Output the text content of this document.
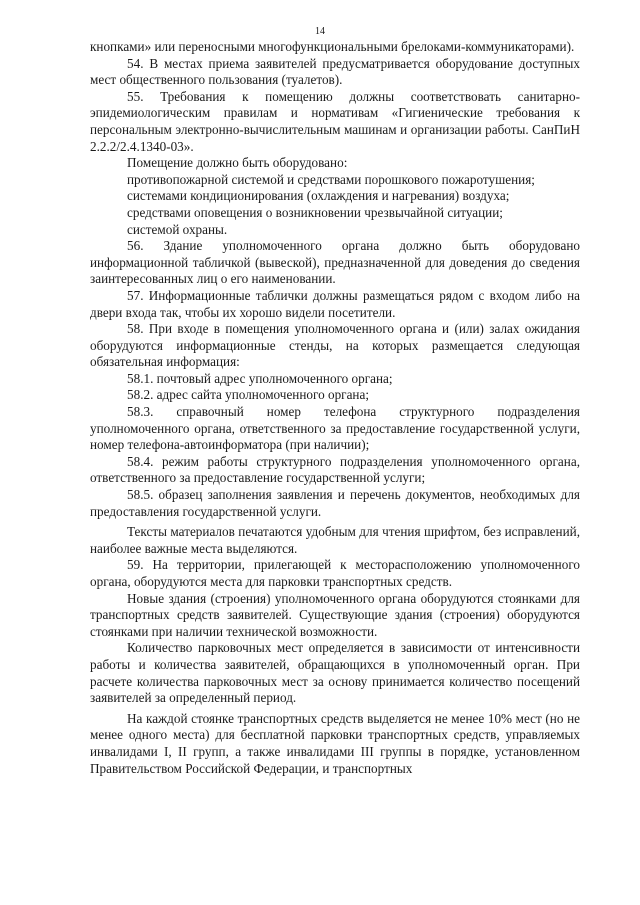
14

кнопками» или переносными многофункциональными брелоками-коммуникаторами).

54. В местах приема заявителей предусматривается оборудование доступных мест общественного пользования (туалетов).

55. Требования к помещению должны соответствовать санитарно-эпидемиологическим правилам и нормативам «Гигиенические требования к персональным электронно-вычислительным машинам и организации работы. СанПиН 2.2.2/2.4.1340-03».

Помещение должно быть оборудовано:

противопожарной системой и средствами порошкового пожаротушения;

системами кондиционирования (охлаждения и нагревания) воздуха;

средствами оповещения о возникновении чрезвычайной ситуации;

системой охраны.

56. Здание уполномоченного органа должно быть оборудовано информационной табличкой (вывеской), предназначенной для доведения до сведения заинтересованных лиц о его наименовании.

57. Информационные таблички должны размещаться рядом с входом либо на двери входа так, чтобы их хорошо видели посетители.

58. При входе в помещения уполномоченного органа и (или) залах ожидания оборудуются информационные стенды, на которых размещается следующая обязательная информация:

58.1. почтовый адрес уполномоченного органа;

58.2. адрес сайта уполномоченного органа;

58.3. справочный номер телефона структурного подразделения уполномоченного органа, ответственного за предоставление государственной услуги, номер телефона-автоинформатора (при наличии);

58.4. режим работы структурного подразделения уполномоченного органа, ответственного за предоставление государственной услуги;

58.5. образец заполнения заявления и перечень документов, необходимых для предоставления государственной услуги.

Тексты материалов печатаются удобным для чтения шрифтом, без исправлений, наиболее важные места выделяются.

59. На территории, прилегающей к месторасположению уполномоченного органа, оборудуются места для парковки транспортных средств.

Новые здания (строения) уполномоченного органа оборудуются стоянками для транспортных средств заявителей. Существующие здания (строения) оборудуются стоянками при наличии технической возможности.

Количество парковочных мест определяется в зависимости от интенсивности работы и количества заявителей, обращающихся в уполномоченный орган. При расчете количества парковочных мест за основу принимается количество посещений заявителей за определенный период.

На каждой стоянке транспортных средств выделяется не менее 10% мест (но не менее одного места) для бесплатной парковки транспортных средств, управляемых инвалидами I, II групп, а также инвалидами III группы в порядке, установленном Правительством Российской Федерации, и транспортных
